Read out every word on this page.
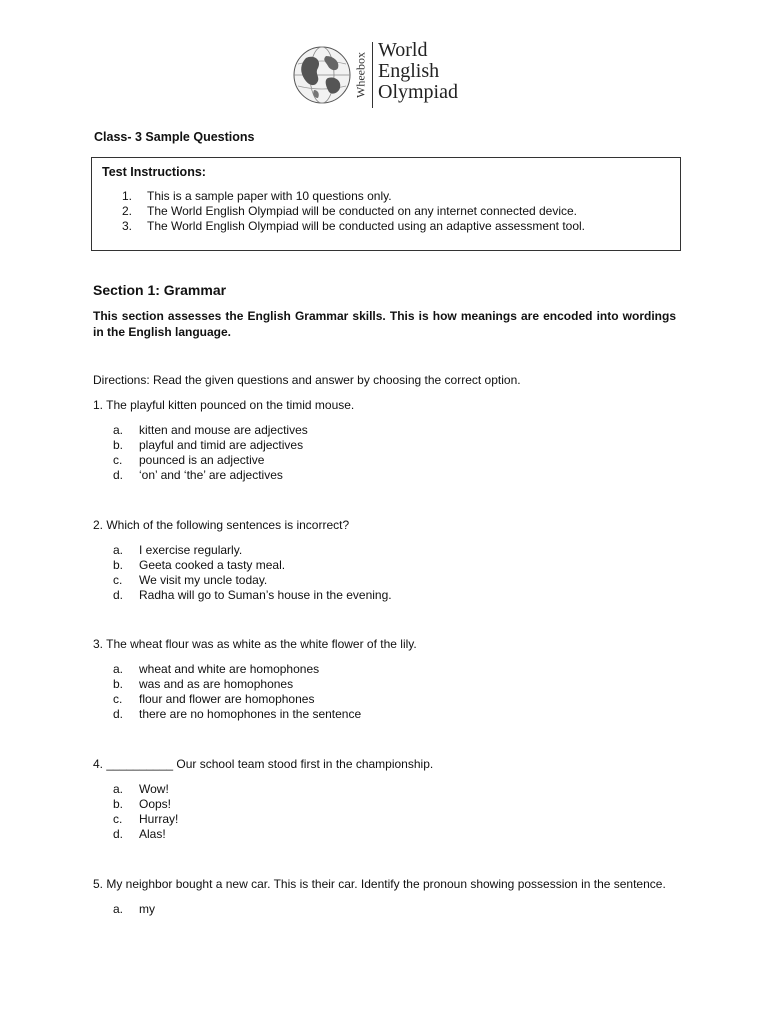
Wheebox
World
English
Olympiad
Class- 3 Sample Questions
Test Instructions:
1. This is a sample paper with 10 questions only.
2. The World English Olympiad will be conducted on any internet connected device.
3. The World English Olympiad will be conducted using an adaptive assessment tool.
Section 1: Grammar
This section assesses the English Grammar skills. This is how meanings are encoded into wordings in the English language.
Directions: Read the given questions and answer by choosing the correct option.
1. The playful kitten pounced on the timid mouse.
a. kitten and mouse are adjectives
b. playful and timid are adjectives
c. pounced is an adjective
d. ‘on’ and ‘the’ are adjectives
2. Which of the following sentences is incorrect?
a. I exercise regularly.
b. Geeta cooked a tasty meal.
c. We visit my uncle today.
d. Radha will go to Suman’s house in the evening.
3. The wheat flour was as white as the white flower of the lily.
a. wheat and white are homophones
b. was and as are homophones
c. flour and flower are homophones
d. there are no homophones in the sentence
4. __________ Our school team stood first in the championship.
a. Wow!
b. Oops!
c. Hurray!
d. Alas!
5. My neighbor bought a new car. This is their car. Identify the pronoun showing possession in the sentence.
a. my
